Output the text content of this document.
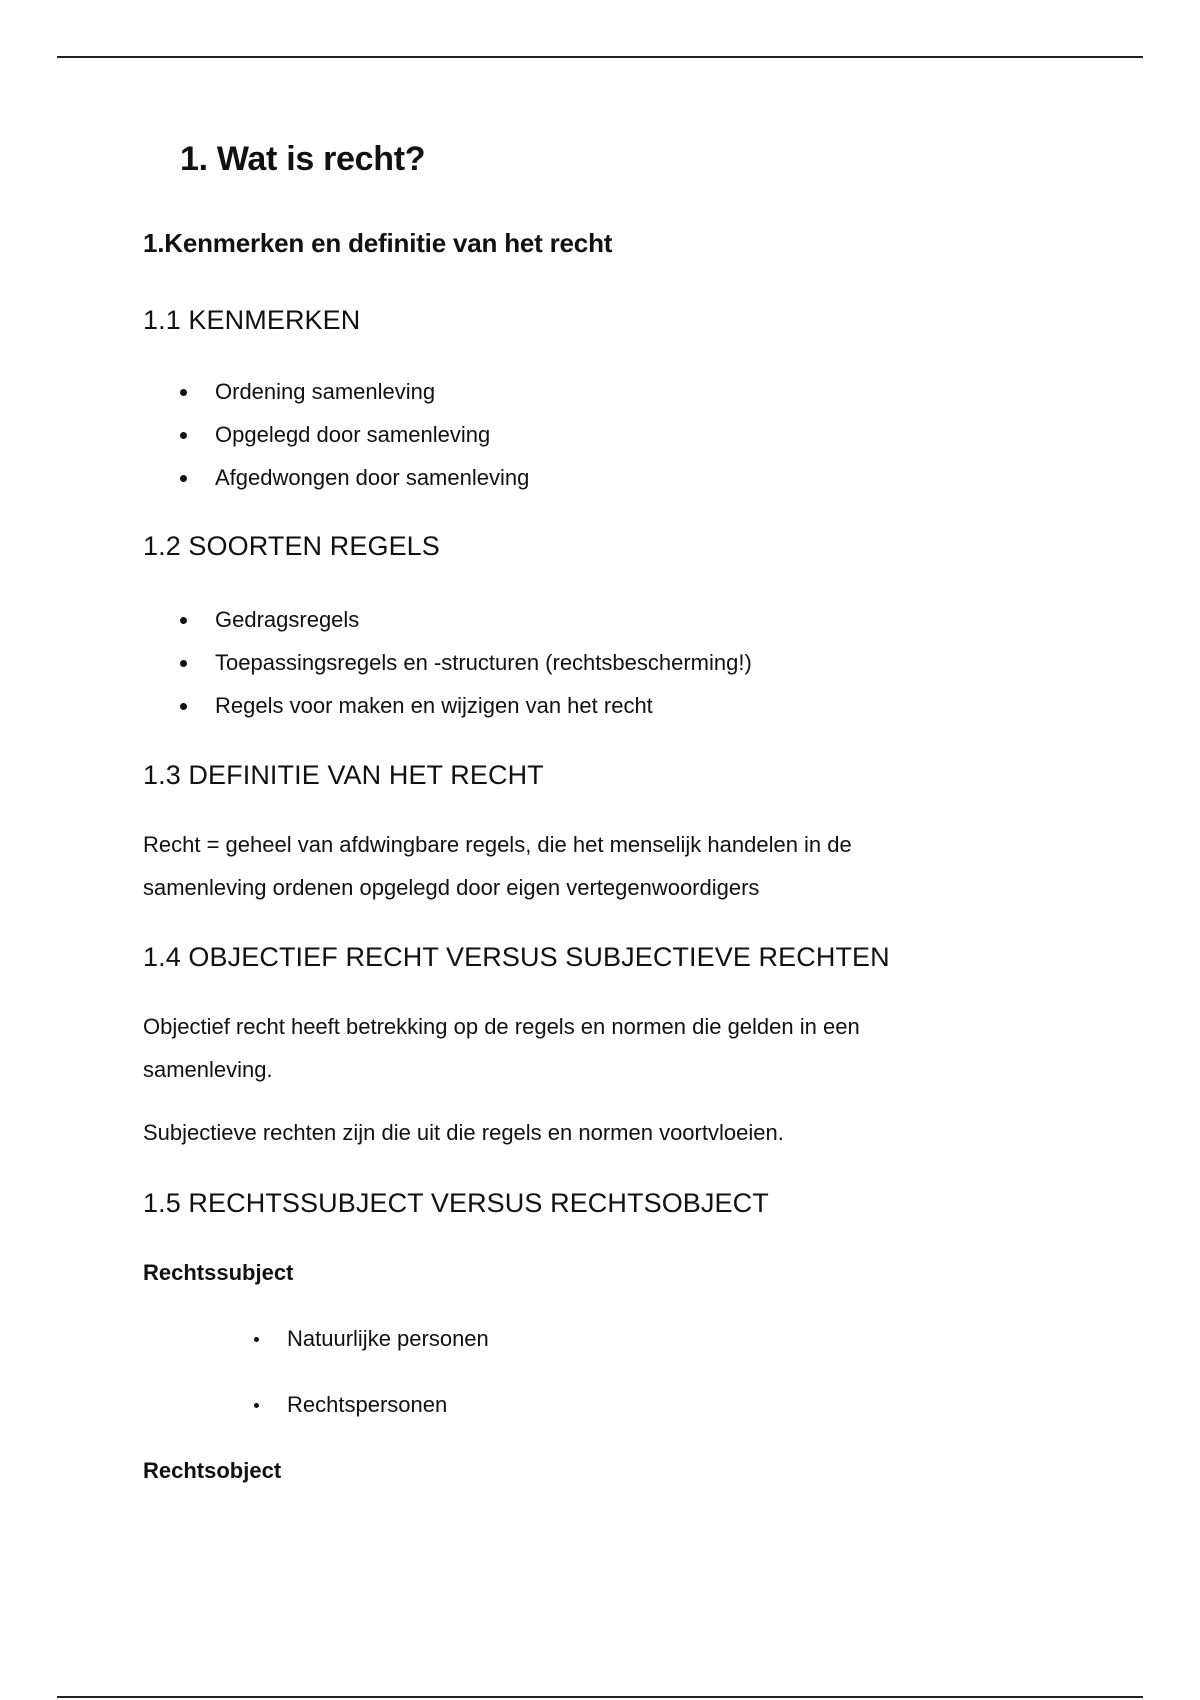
1. Wat is recht?
1.Kenmerken en definitie van het recht
1.1 KENMERKEN
Ordening samenleving
Opgelegd door samenleving
Afgedwongen door samenleving
1.2 SOORTEN REGELS
Gedragsregels
Toepassingsregels en -structuren (rechtsbescherming!)
Regels voor maken en wijzigen van het recht
1.3 DEFINITIE VAN HET RECHT
Recht = geheel van afdwingbare regels, die het menselijk handelen in de samenleving ordenen opgelegd door eigen vertegenwoordigers
1.4 OBJECTIEF RECHT VERSUS SUBJECTIEVE RECHTEN
Objectief recht heeft betrekking op de regels en normen die gelden in een samenleving.
Subjectieve rechten zijn die uit die regels en normen voortvloeien.
1.5 RECHTSSUBJECT VERSUS RECHTSOBJECT
Rechtssubject
Natuurlijke personen
Rechtspersonen
Rechtsobject
